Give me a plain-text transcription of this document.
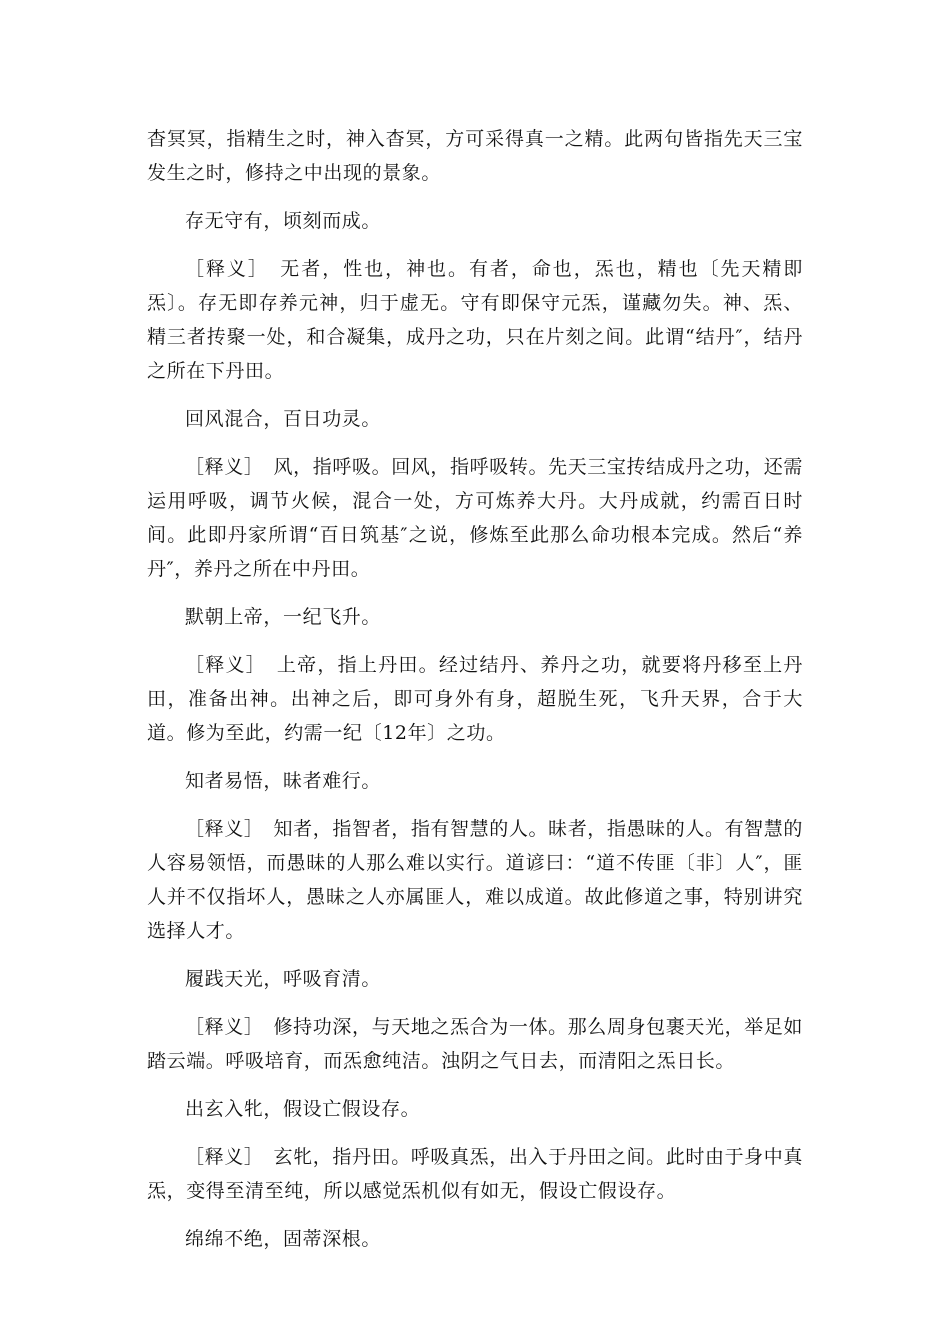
杳冥冥，指精生之时，神入杳冥，方可采得真一之精。此两句皆指先天三宝发生之时，修持之中出现的景象。

存无守有，顷刻而成。

［释义］　无者，性也，神也。有者，命也，炁也，精也〔先天精即炁〕。存无即存养元神，归于虚无。守有即保守元炁，谨藏勿失。神、炁、精三者抟聚一处，和合凝集，成丹之功，只在片刻之间。此谓“结丹″，结丹之所在下丹田。

回风混合，百日功灵。

［释义］　风，指呼吸。回风，指呼吸转。先天三宝抟结成丹之功，还需运用呼吸，调节火候，混合一处，方可炼养大丹。大丹成就，约需百日时间。此即丹家所谓“百日筑基″之说，修炼至此那么命功根本完成。然后“养丹″，养丹之所在中丹田。

默朝上帝，一纪飞升。

［释义］　上帝，指上丹田。经过结丹、养丹之功，就要将丹移至上丹田，准备出神。出神之后，即可身外有身，超脱生死，飞升天界，合于大道。修为至此，约需一纪〔12年〕之功。

知者易悟，昧者难行。

［释义］　知者，指智者，指有智慧的人。昧者，指愚昧的人。有智慧的人容易领悟，而愚昧的人那么难以实行。道谚曰：“道不传匪〔非〕人″，匪人并不仅指坏人，愚昧之人亦属匪人，难以成道。故此修道之事，特别讲究选择人才。

履践天光，呼吸育清。

［释义］　修持功深，与天地之炁合为一体。那么周身包裹天光，举足如踏云端。呼吸培育，而炁愈纯洁。浊阴之气日去，而清阳之炁日长。

出玄入牝，假设亡假设存。

［释义］　玄牝，指丹田。呼吸真炁，出入于丹田之间。此时由于身中真炁，变得至清至纯，所以感觉炁机似有如无，假设亡假设存。

绵绵不绝，固蒂深根。
